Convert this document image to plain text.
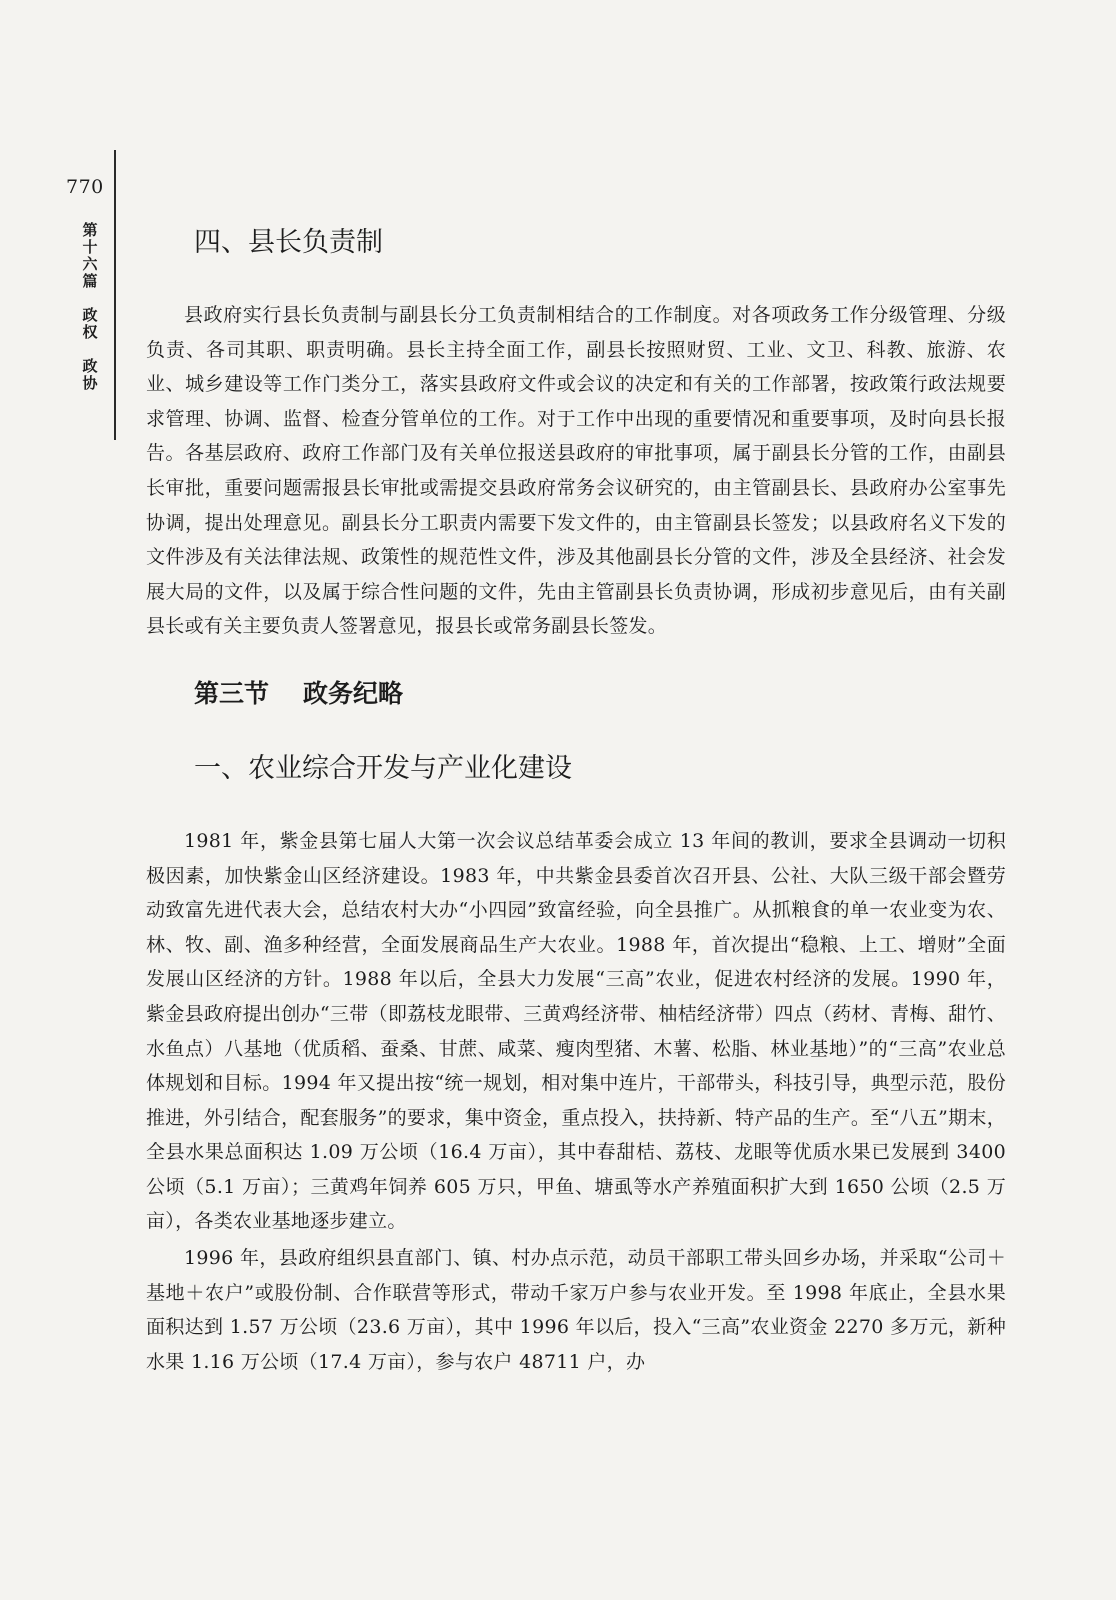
770
第
十
六
篇
政
权
政
协
四、县长负责制

县政府实行县长负责制与副县长分工负责制相结合的工作制度。对各项政务工作分级管理、分级负责、各司其职、职责明确。县长主持全面工作，副县长按照财贸、工业、文卫、科教、旅游、农业、城乡建设等工作门类分工，落实县政府文件或会议的决定和有关的工作部署，按政策行政法规要求管理、协调、监督、检查分管单位的工作。对于工作中出现的重要情况和重要事项，及时向县长报告。各基层政府、政府工作部门及有关单位报送县政府的审批事项，属于副县长分管的工作，由副县长审批，重要问题需报县长审批或需提交县政府常务会议研究的，由主管副县长、县政府办公室事先协调，提出处理意见。副县长分工职责内需要下发文件的，由主管副县长签发；以县政府名义下发的文件涉及有关法律法规、政策性的规范性文件，涉及其他副县长分管的文件，涉及全县经济、社会发展大局的文件，以及属于综合性问题的文件，先由主管副县长负责协调，形成初步意见后，由有关副县长或有关主要负责人签署意见，报县长或常务副县长签发。

第三节 政务纪略
一、农业综合开发与产业化建设

1981 年，紫金县第七届人大第一次会议总结革委会成立 13 年间的教训，要求全县调动一切积极因素，加快紫金山区经济建设。1983 年，中共紫金县委首次召开县、公社、大队三级干部会暨劳动致富先进代表大会，总结农村大办“小四园”致富经验，向全县推广。从抓粮食的单一农业变为农、林、牧、副、渔多种经营，全面发展商品生产大农业。1988 年，首次提出“稳粮、上工、增财”全面发展山区经济的方针。1988 年以后，全县大力发展“三高”农业，促进农村经济的发展。1990 年，紫金县政府提出创办“三带（即荔枝龙眼带、三黄鸡经济带、柚桔经济带）四点（药材、青梅、甜竹、水鱼点）八基地（优质稻、蚕桑、甘蔗、咸菜、瘦肉型猪、木薯、松脂、林业基地）”的“三高”农业总体规划和目标。1994 年又提出按“统一规划，相对集中连片，干部带头，科技引导，典型示范，股份推进，外引结合，配套服务”的要求，集中资金，重点投入，扶持新、特产品的生产。至“八五”期末，全县水果总面积达 1.09 万公顷（16.4 万亩），其中春甜桔、荔枝、龙眼等优质水果已发展到 3400 公顷（5.1 万亩）；三黄鸡年饲养 605 万只，甲鱼、塘虱等水产养殖面积扩大到 1650 公顷（2.5 万亩），各类农业基地逐步建立。

1996 年，县政府组织县直部门、镇、村办点示范，动员干部职工带头回乡办场，并采取“公司＋基地＋农户”或股份制、合作联营等形式，带动千家万户参与农业开发。至 1998 年底止，全县水果面积达到 1.57 万公顷（23.6 万亩），其中 1996 年以后，投入“三高”农业资金 2270 多万元，新种水果 1.16 万公顷（17.4 万亩），参与农户 48711 户，办
